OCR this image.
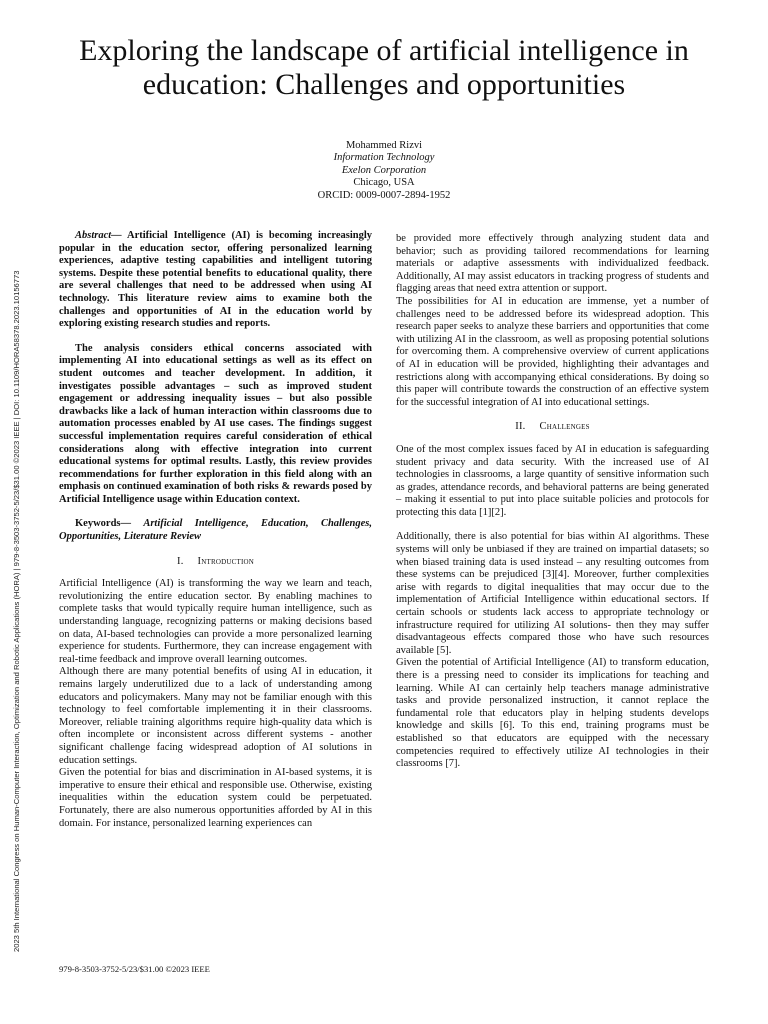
Exploring the landscape of artificial intelligence in education: Challenges and opportunities
Mohammed Rizvi
Information Technology
Exelon Corporation
Chicago, USA
ORCID: 0009-0007-2894-1952
2023 5th International Congress on Human-Computer Interaction, Optimization and Robotic Applications (HORA) | 979-8-3503-3752-5/23/$31.00 ©2023 IEEE | DOI: 10.1109/HORA58378.2023.10156773

Abstract— Artificial Intelligence (AI) is becoming increasingly popular in the education sector, offering personalized learning experiences, adaptive testing capabilities and intelligent tutoring systems. Despite these potential benefits to educational quality, there are several challenges that need to be addressed when using AI technology. This literature review aims to examine both the challenges and opportunities of AI in the education world by exploring existing research studies and reports.

The analysis considers ethical concerns associated with implementing AI into educational settings as well as its effect on student outcomes and teacher development. In addition, it investigates possible advantages – such as improved student engagement or addressing inequality issues – but also possible drawbacks like a lack of human interaction within classrooms due to automation processes enabled by AI use cases. The findings suggest successful implementation requires careful consideration of ethical considerations along with effective integration into current educational systems for optimal results. Lastly, this review provides recommendations for further exploration in this field along with an emphasis on continued examination of both risks & rewards posed by Artificial Intelligence usage within Education context.

Keywords— Artificial Intelligence, Education, Challenges, Opportunities, Literature Review

I. Introduction

Artificial Intelligence (AI) is transforming the way we learn and teach, revolutionizing the entire education sector. By enabling machines to complete tasks that would typically require human intelligence, such as understanding language, recognizing patterns or making decisions based on data, AI-based technologies can provide a more personalized learning experience for students. Furthermore, they can increase engagement with real-time feedback and improve overall learning outcomes.

Although there are many potential benefits of using AI in education, it remains largely underutilized due to a lack of understanding among educators and policymakers. Many may not be familiar enough with this technology to feel comfortable implementing it in their classrooms. Moreover, reliable training algorithms require high-quality data which is often incomplete or inconsistent across different systems - another significant challenge facing widespread adoption of AI solutions in education settings.

Given the potential for bias and discrimination in AI-based systems, it is imperative to ensure their ethical and responsible use. Otherwise, existing inequalities within the education system could be perpetuated. Fortunately, there are also numerous opportunities afforded by AI in this domain. For instance, personalized learning experiences can

be provided more effectively through analyzing student data and behavior; such as providing tailored recommendations for learning materials or adaptive assessments with individualized feedback. Additionally, AI may assist educators in tracking progress of students and flagging areas that need extra attention or support.

The possibilities for AI in education are immense, yet a number of challenges need to be addressed before its widespread adoption. This research paper seeks to analyze these barriers and opportunities that come with utilizing AI in the classroom, as well as proposing potential solutions for overcoming them. A comprehensive overview of current applications of AI in education will be provided, highlighting their advantages and restrictions along with accompanying ethical considerations. By doing so this paper will contribute towards the construction of an effective system for the successful integration of AI into educational settings.

II. Challenges

One of the most complex issues faced by AI in education is safeguarding student privacy and data security. With the increased use of AI technologies in classrooms, a large quantity of sensitive information such as grades, attendance records, and behavioral patterns are being generated – making it essential to put into place suitable policies and protocols for protecting this data [1][2].

Additionally, there is also potential for bias within AI algorithms. These systems will only be unbiased if they are trained on impartial datasets; so when biased training data is used instead – any resulting outcomes from these systems can be prejudiced [3][4]. Moreover, further complexities arise with regards to digital inequalities that may occur due to the implementation of Artificial Intelligence within educational sectors. If certain schools or students lack access to appropriate technology or infrastructure required for utilizing AI solutions- then they may suffer disadvantageous effects compared those who have such resources available [5].

Given the potential of Artificial Intelligence (AI) to transform education, there is a pressing need to consider its implications for teaching and learning. While AI can certainly help teachers manage administrative tasks and provide personalized instruction, it cannot replace the fundamental role that educators play in helping students develops knowledge and skills [6]. To this end, training programs must be established so that educators are equipped with the necessary competencies required to effectively utilize AI technologies in their classrooms [7].

979-8-3503-3752-5/23/$31.00 ©2023 IEEE
